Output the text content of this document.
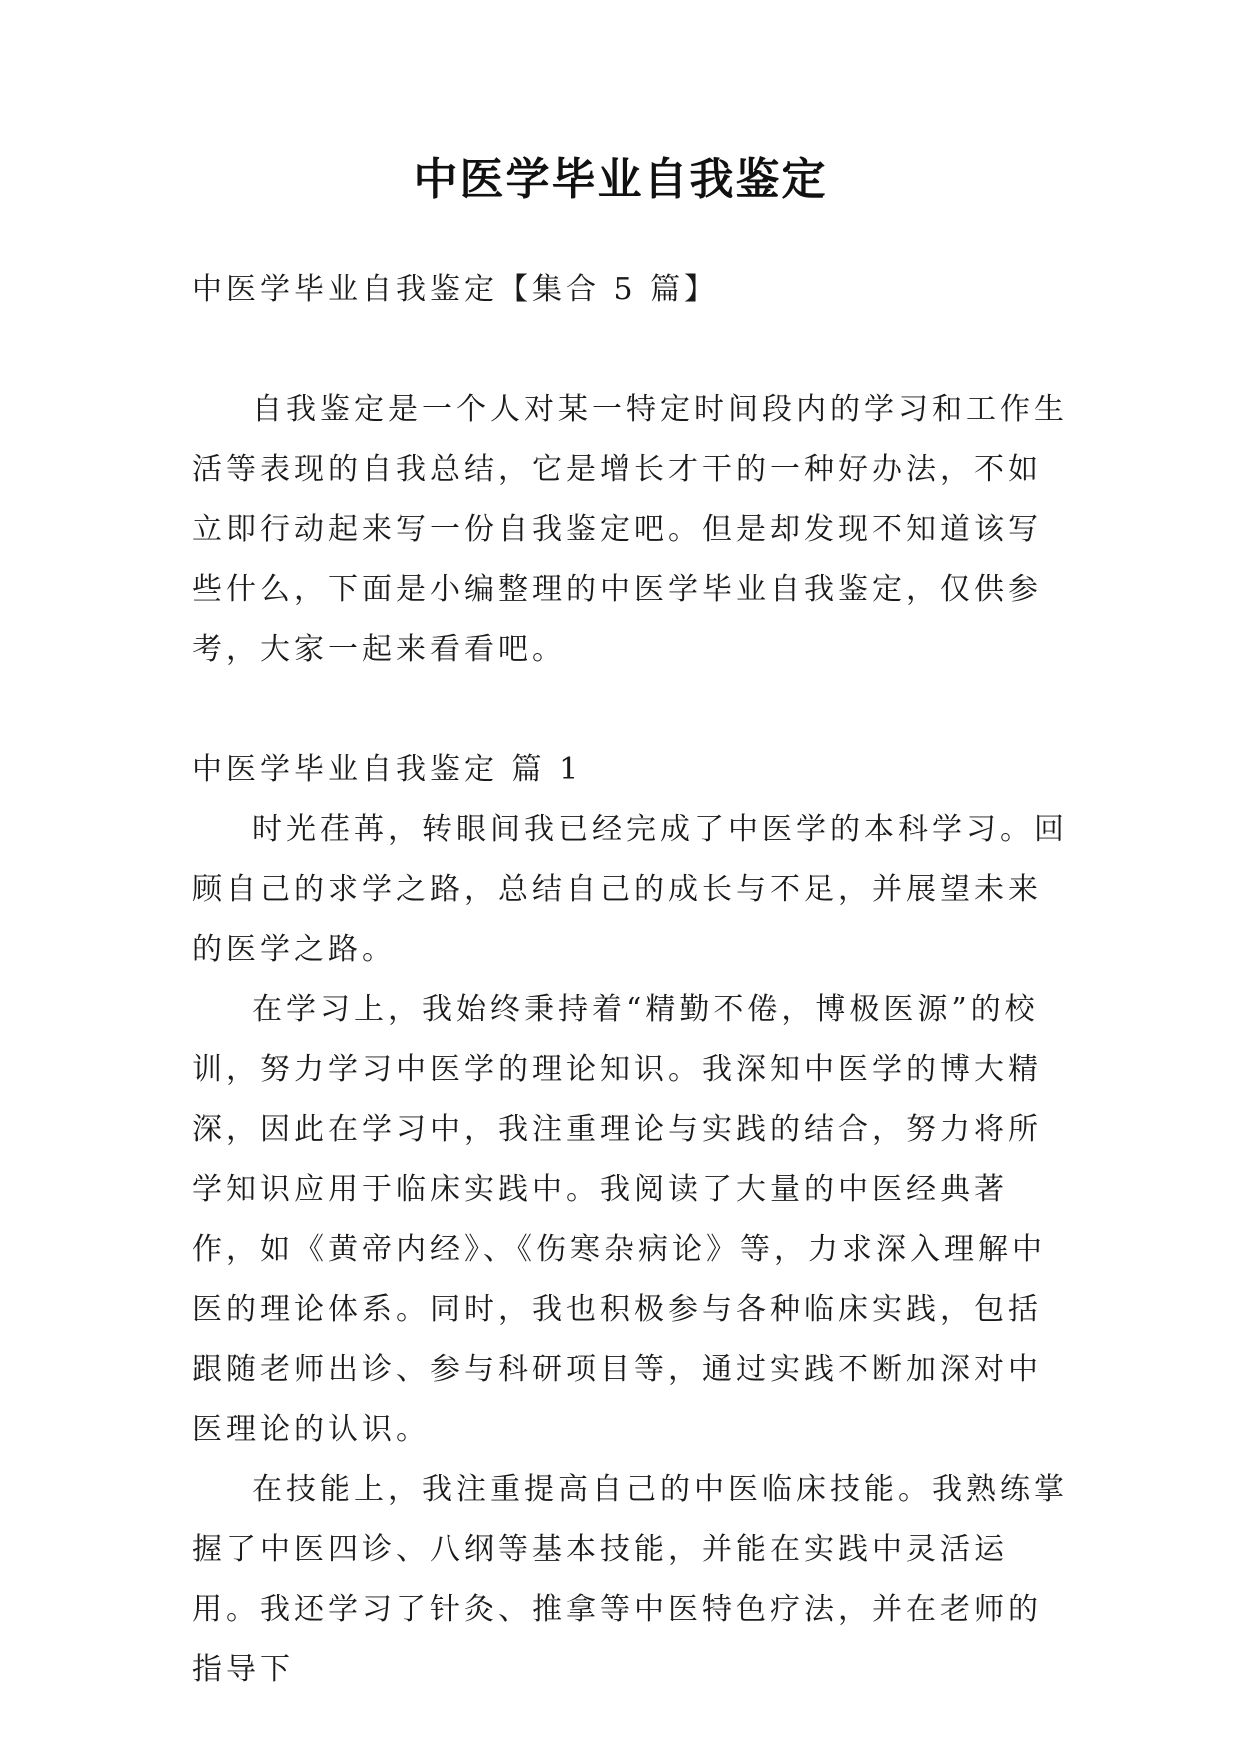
中医学毕业自我鉴定

中医学毕业自我鉴定【集合 5 篇】

自我鉴定是一个人对某一特定时间段内的学习和工作生活等表现的自我总结，它是增长才干的一种好办法，不如立即行动起来写一份自我鉴定吧。但是却发现不知道该写些什么，下面是小编整理的中医学毕业自我鉴定，仅供参考，大家一起来看看吧。

中医学毕业自我鉴定 篇 1

时光荏苒，转眼间我已经完成了中医学的本科学习。回顾自己的求学之路，总结自己的成长与不足，并展望未来的医学之路。

在学习上，我始终秉持着“精勤不倦，博极医源”的校训，努力学习中医学的理论知识。我深知中医学的博大精深，因此在学习中，我注重理论与实践的结合，努力将所学知识应用于临床实践中。我阅读了大量的中医经典著作，如《黄帝内经》、《伤寒杂病论》等，力求深入理解中医的理论体系。同时，我也积极参与各种临床实践，包括跟随老师出诊、参与科研项目等，通过实践不断加深对中医理论的认识。

在技能上，我注重提高自己的中医临床技能。我熟练掌握了中医四诊、八纲等基本技能，并能在实践中灵活运用。我还学习了针灸、推拿等中医特色疗法，并在老师的指导下
